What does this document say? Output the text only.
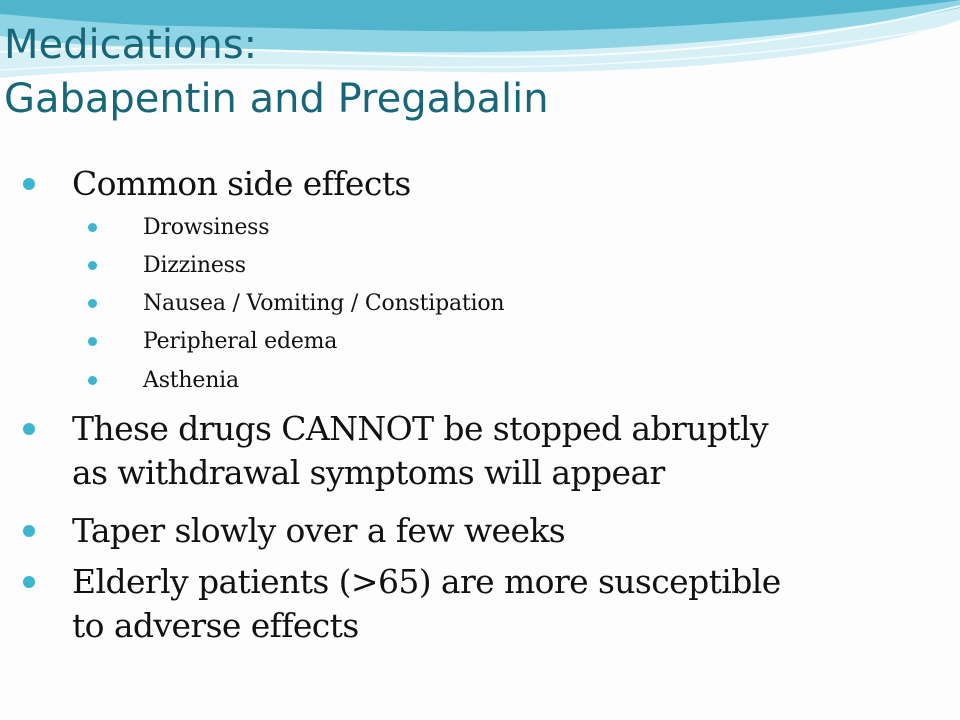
Medications:
Gabapentin and Pregabalin
Common side effects
Drowsiness
Dizziness
Nausea / Vomiting / Constipation
Peripheral edema
Asthenia
These drugs CANNOT be stopped abruptly
as withdrawal symptoms will appear
Taper slowly over a few weeks
Elderly patients (>65) are more susceptible
to adverse effects
